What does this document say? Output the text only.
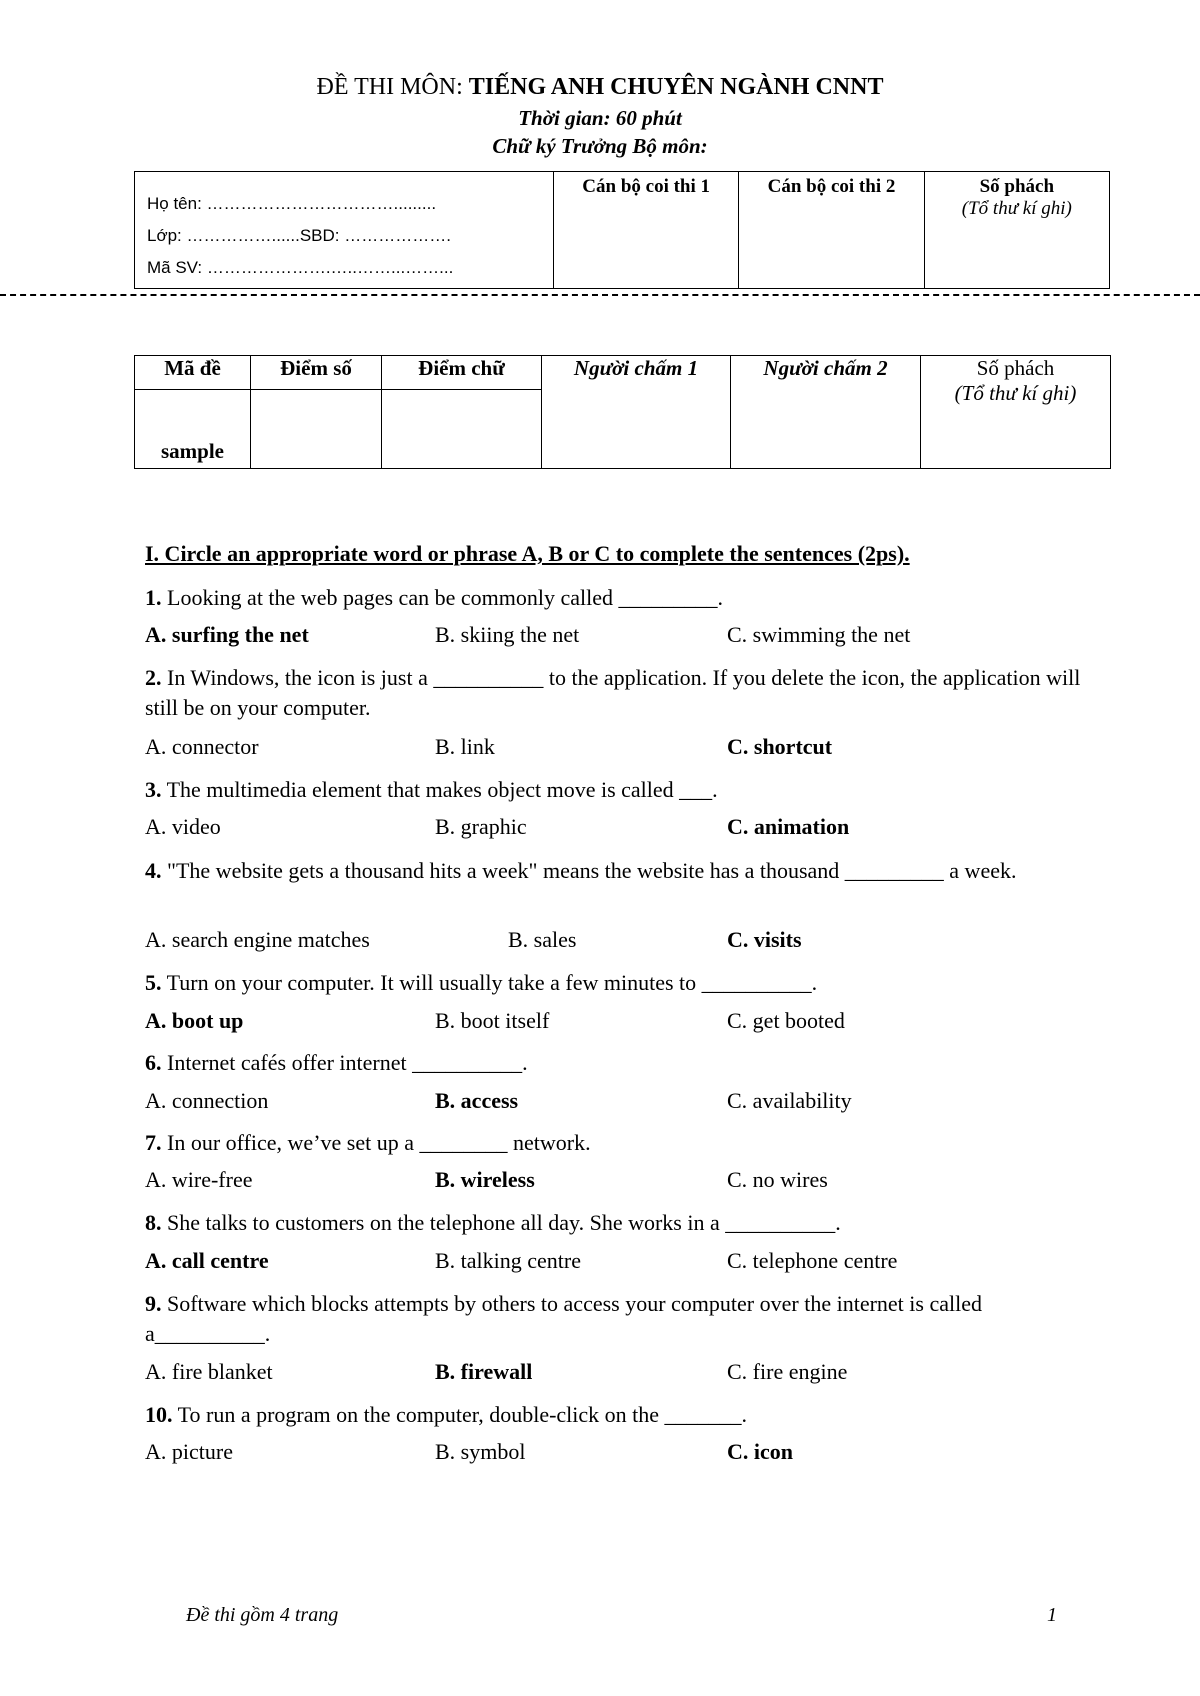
ĐỀ THI MÔN: TIẾNG ANH CHUYÊN NGÀNH CNNT
Thời gian: 60 phút
Chữ ký Trưởng Bộ môn:
Họ tên: …………………………….........
Lớp: ……………......SBD: ……………….
Mã SV: ………………….…..……...……...
	Cán bộ coi thi 1	Cán bộ coi thi 2	Số phách
(Tổ thư kí ghi)
Mã đề	Điểm số	Điểm chữ	Người chấm 1	Người chấm 2	Số phách
(Tổ thư kí ghi)

sample					
I. Circle an appropriate word or phrase A, B or C to complete the sentences (2ps).
1. Looking at the web pages can be commonly called _________.
A. surfing the net	B. skiing the net	C. swimming the net
2. In Windows, the icon is just a __________ to the application. If you delete the icon, the application will still be on your computer.
A. connector	B. link	C. shortcut
3. The multimedia element that makes object move is called ___.
A. video	B. graphic	C. animation
4. "The website gets a thousand hits a week" means the website has a thousand _________ a week.
A. search engine matches	B. sales	C. visits
5. Turn on your computer. It will usually take a few minutes to __________.
A. boot up	B. boot itself	C. get booted
6. Internet cafés offer internet __________.
A. connection	B. access	C. availability
7. In our office, we’ve set up a ________ network.
A. wire-free	B. wireless	C. no wires
8. She talks to customers on the telephone all day. She works in a __________.
A. call centre	B. talking centre	C. telephone centre
9. Software which blocks attempts by others to access your computer over the internet is called a__________.
A. fire blanket	B. firewall	C. fire engine
10. To run a program on the computer, double-click on the _______.
A. picture	B. symbol	C. icon
Đề thi gồm 4 trang	1
